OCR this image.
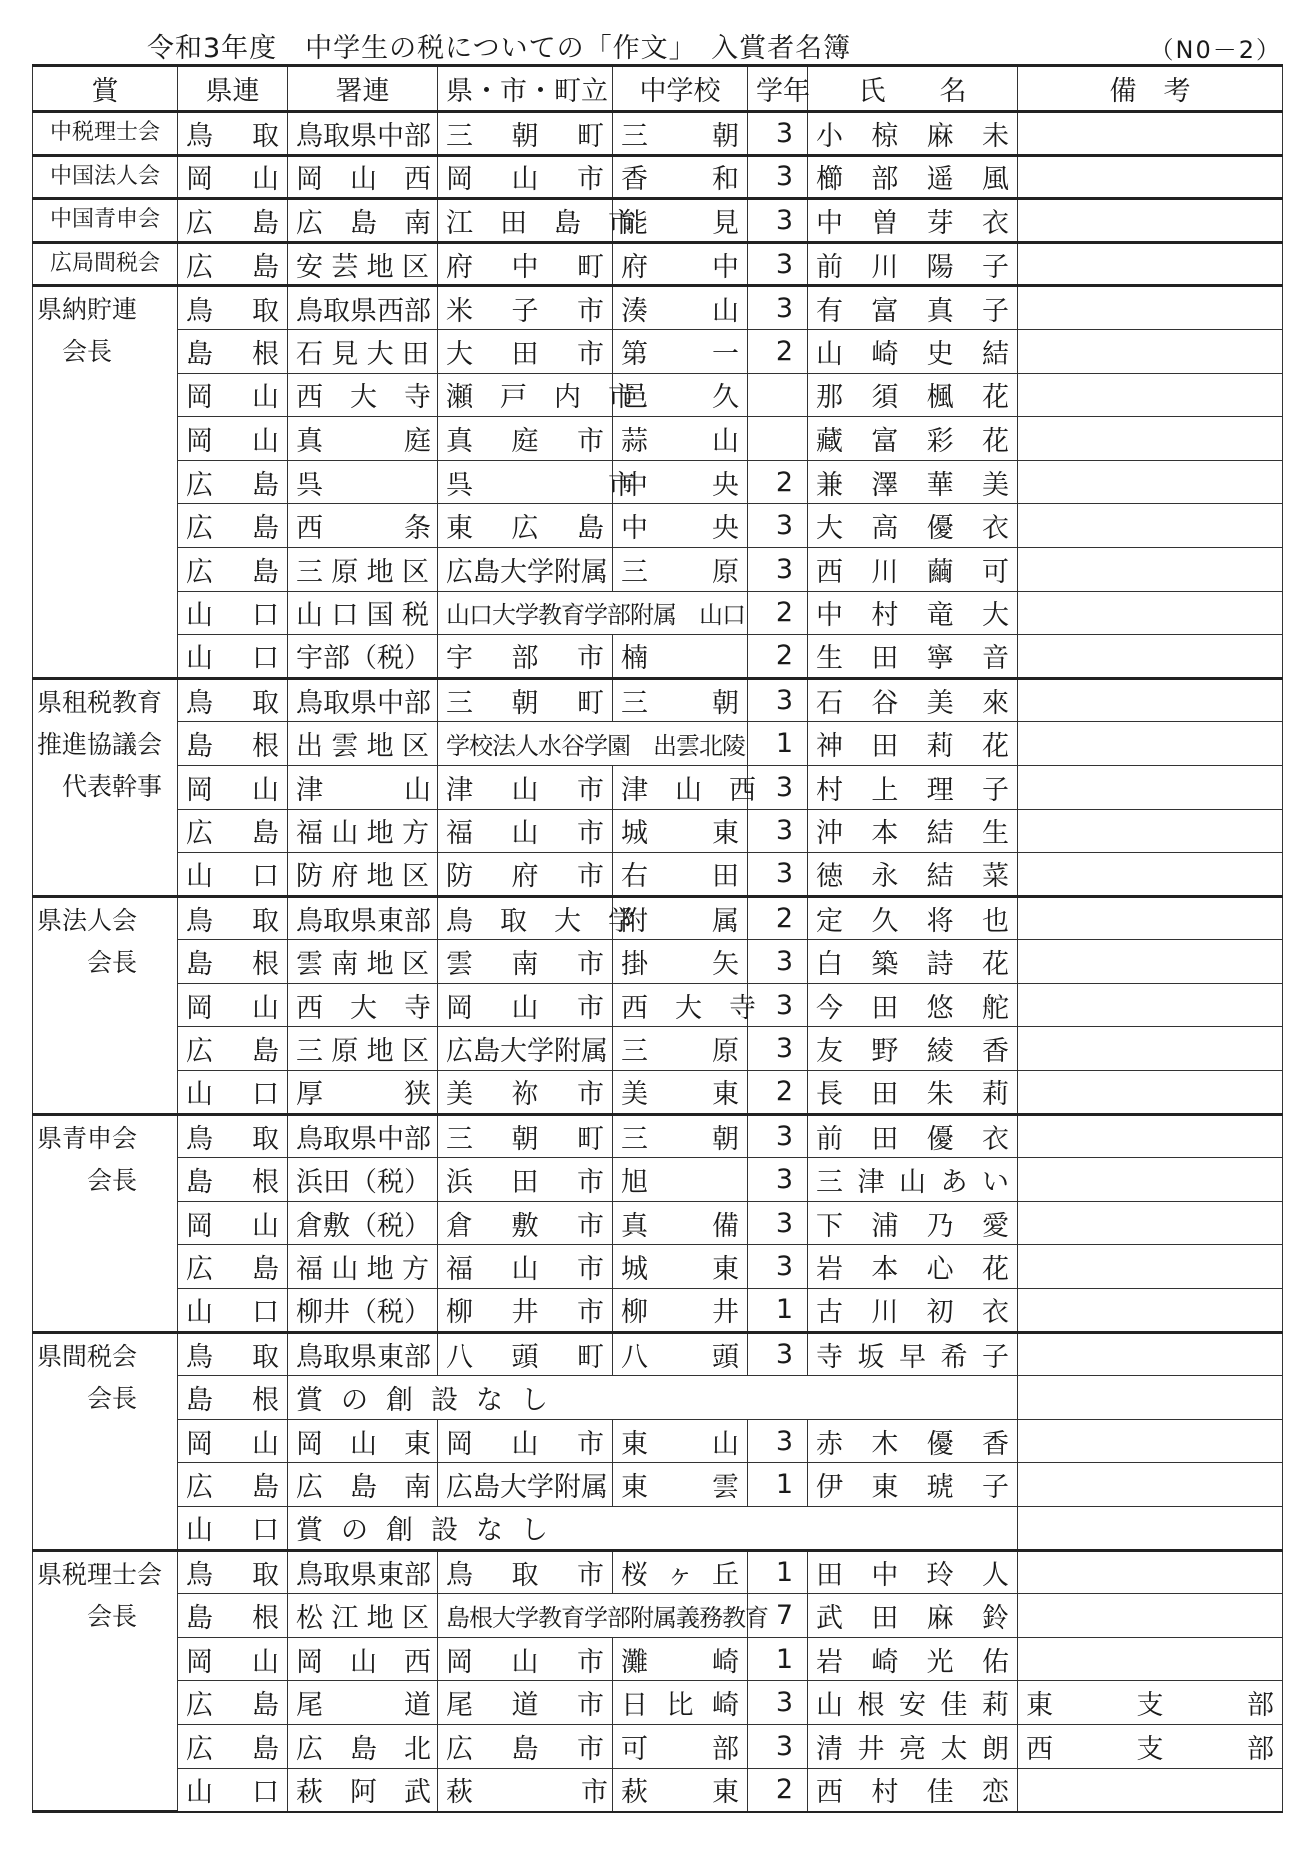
令和3年度　中学生の税についての「作文」　入賞者名簿	（N0－2）
賞	県連	署連	県・市・町立	中学校	学年	氏　　名	備　考	
中税理士会	鳥　取	鳥取県中部	三　朝　町	三　　朝	3	小　椋　麻　未		
中国法人会	岡　山	岡　山　西	岡　山　市	香　　和	3	櫛　部　遥　風		
中国青申会	広　島	広　島　南	江　田　島　市	能　　見	3	中　曽　芽　衣		
広局間税会	広　島	安芸地区	府　中　町	府　　中	3	前　川　陽　子		
県納貯連
　会長	鳥　取	鳥取県西部	米　子　市	湊　　山	3	有　富　真　子		
	島　根	石見大田	大　田　市	第　　一	2	山　崎　史　結		
	岡　山	西　大　寺	瀬　戸　内　市	邑　　久		那　須　楓　花		
	岡　山	真　　　庭	真　庭　市	蒜　　山		藏　富　彩　花		
	広　島	呉	呉　　　　　市	中　　央	2	兼　澤　華　美		
	広　島	西　　　条	東　広　島	中　　央	3	大　高　優　衣		
	広　島	三原地区	広島大学附属	三　　原	3	西　川　繭　可		
	山　口	山口国税	山口大学教育学部附属　山口		2	中　村　竜　大		
	山　口	宇部（税）	宇　部　市	楠	2	生　田　寧　音		
県租税教育
推進協議会
　代表幹事	鳥　取	鳥取県中部	三　朝　町	三　　朝	3	石　谷　美　來		
	島　根	出雲地区	学校法人水谷学園　出雲北陵		1	神　田　莉　花		
	岡　山	津　　　山	津　山　市	津　山　西	3	村　上　理　子		
	広　島	福山地方	福　山　市	城　　東	3	沖　本　結　生		
	山　口	防府地区	防　府　市	右　　田	3	徳　永　結　菜		
県法人会
　　会長	鳥　取	鳥取県東部	鳥　取　大　学	附　　属	2	定　久　将　也		
	島　根	雲南地区	雲　南　市	掛　　矢	3	白　築　詩　花		
	岡　山	西　大　寺	岡　山　市	西　大　寺	3	今　田　悠　舵		
	広　島	三原地区	広島大学附属	三　　原	3	友　野　綾　香		
	山　口	厚　　　狭	美　祢　市	美　　東	2	長　田　朱　莉		
県青申会
　　会長	鳥　取	鳥取県中部	三　朝　町	三　　朝	3	前　田　優　衣		
	島　根	浜田（税）	浜　田　市	旭	3	三津山あい		
	岡　山	倉敷（税）	倉　敷　市	真　　備	3	下　浦　乃　愛		
	広　島	福山地方	福　山　市	城　　東	3	岩　本　心　花		
	山　口	柳井（税）	柳　井　市	柳　　井	1	古　川　初　衣		
県間税会
　　会長	鳥　取	鳥取県東部	八　頭　町	八　　頭	3	寺坂早希子		
	島　根	賞の創設なし						
	岡　山	岡　山　東	岡　山　市	東　　山	3	赤　木　優　香		
	広　島	広　島　南	広島大学附属	東　　雲	1	伊　東　琥　子		
	山　口	賞の創設なし						
県税理士会
　　会長	鳥　取	鳥取県東部	鳥　取　市	桜ヶ丘	1	田　中　玲　人		
	島　根	松江地区	島根大学教育学部附属義務教育		7	武　田　麻　鈴		
	岡　山	岡　山　西	岡　山　市	灘　　崎	1	岩　崎　光　佑		
	広　島	尾　　　道	尾　道　市	日比崎	3	山根安佳莉	東支部	
	広　島	広　島　北	広　島　市	可　　部	3	清井亮太朗	西支部	
	山　口	萩　阿　武	萩　　　　市	萩　　東	2	西　村　佳　恋		
